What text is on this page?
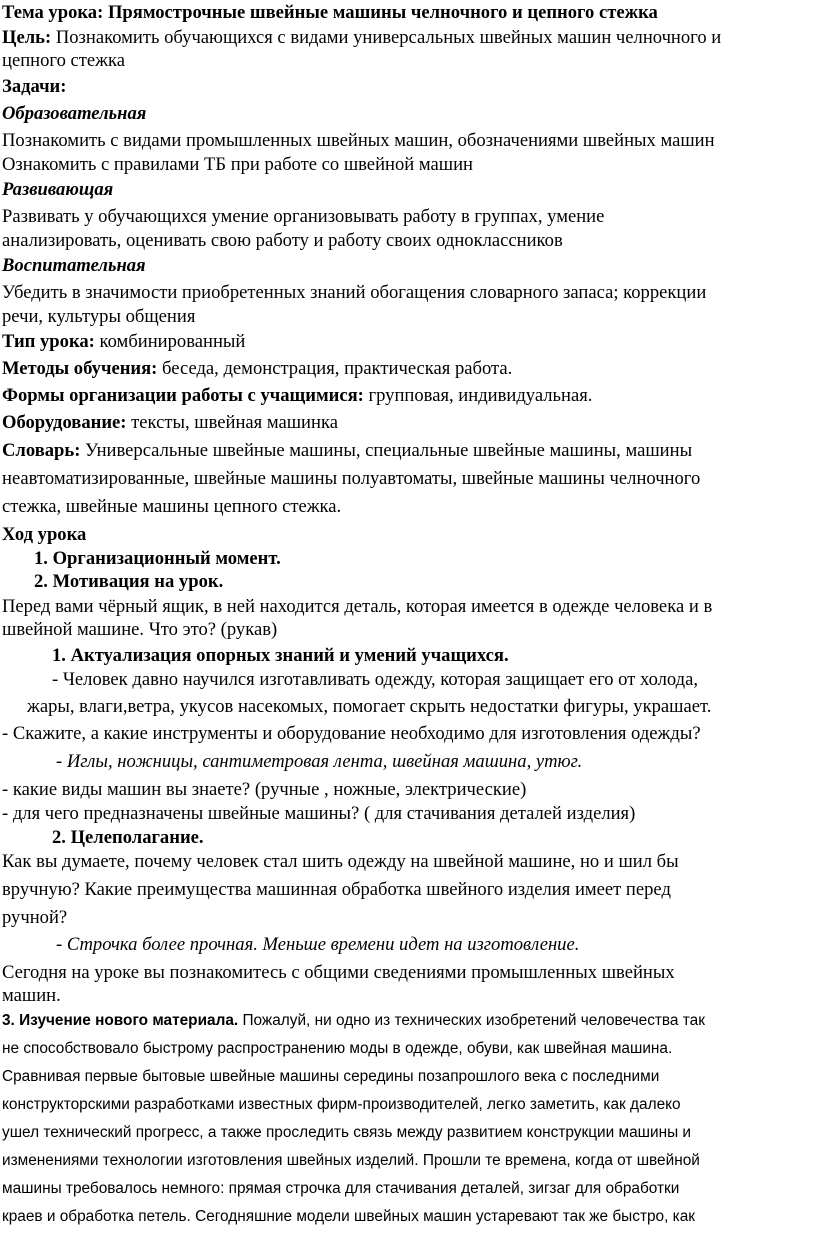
Тема урока: Прямострочные швейные машины челночного и цепного стежка
Цель: Познакомить обучающихся с видами универсальных швейных машин челночного и
цепного стежка
Задачи:
Образовательная
Познакомить с видами промышленных швейных машин, обозначениями швейных машин
Ознакомить с правилами ТБ при работе со швейной машин
Развивающая
Развивать у обучающихся умение организовывать работу в группах, умение
анализировать, оценивать свою работу и работу своих одноклассников
Воспитательная
Убедить в значимости приобретенных знаний обогащения словарного запаса; коррекции
речи, культуры общения
Тип урока: комбинированный
Методы обучения: беседа, демонстрация, практическая работа.
Формы организации работы с учащимися: групповая, индивидуальная.
Оборудование: тексты, швейная машинка
Словарь: Универсальные швейные машины, специальные швейные машины, машины
неавтоматизированные, швейные машины полуавтоматы, швейные машины челночного
стежка, швейные машины цепного стежка.
Ход урока
1. Организационный момент.
2. Мотивация на урок.
Перед вами чёрный ящик, в ней находится деталь, которая имеется в одежде человека и в
швейной машине. Что это? (рукав)
1. Актуализация опорных знаний и умений учащихся.
- Человек давно научился изготавливать одежду, которая защищает его от холода,
жары, влаги,ветра, укусов насекомых, помогает скрыть недостатки фигуры, украшает.
- Скажите, а какие инструменты и оборудование необходимо для изготовления одежды?
- Иглы, ножницы, сантиметровая лента, швейная машина, утюг.
- какие виды машин вы знаете? (ручные , ножные, электрические)
- для чего предназначены швейные машины? ( для стачивания деталей изделия)
2. Целеполагание.
Как вы думаете, почему человек стал шить одежду на швейной машине, но и шил бы
вручную? Какие преимущества машинная обработка швейного изделия имеет перед
ручной?
- Строчка более прочная. Меньше времени идет на изготовление.
Сегодня на уроке вы познакомитесь с общими сведениями промышленных швейных
машин.
3. Изучение нового материала. Пожалуй, ни одно из технических изобретений человечества так
не способствовало быстрому распространению моды в одежде, обуви, как швейная машина.
Сравнивая первые бытовые швейные машины середины позапрошлого века с последними
конструкторскими разработками известных фирм-производителей, легко заметить, как далеко
ушел технический прогресс, а также проследить связь между развитием конструкции машины и
изменениями технологии изготовления швейных изделий. Прошли те времена, когда от швейной
машины требовалось немного: прямая строчка для стачивания деталей, зигзаг для обработки
краев и обработка петель. Сегодняшние модели швейных машин устаревают так же быстро, как
